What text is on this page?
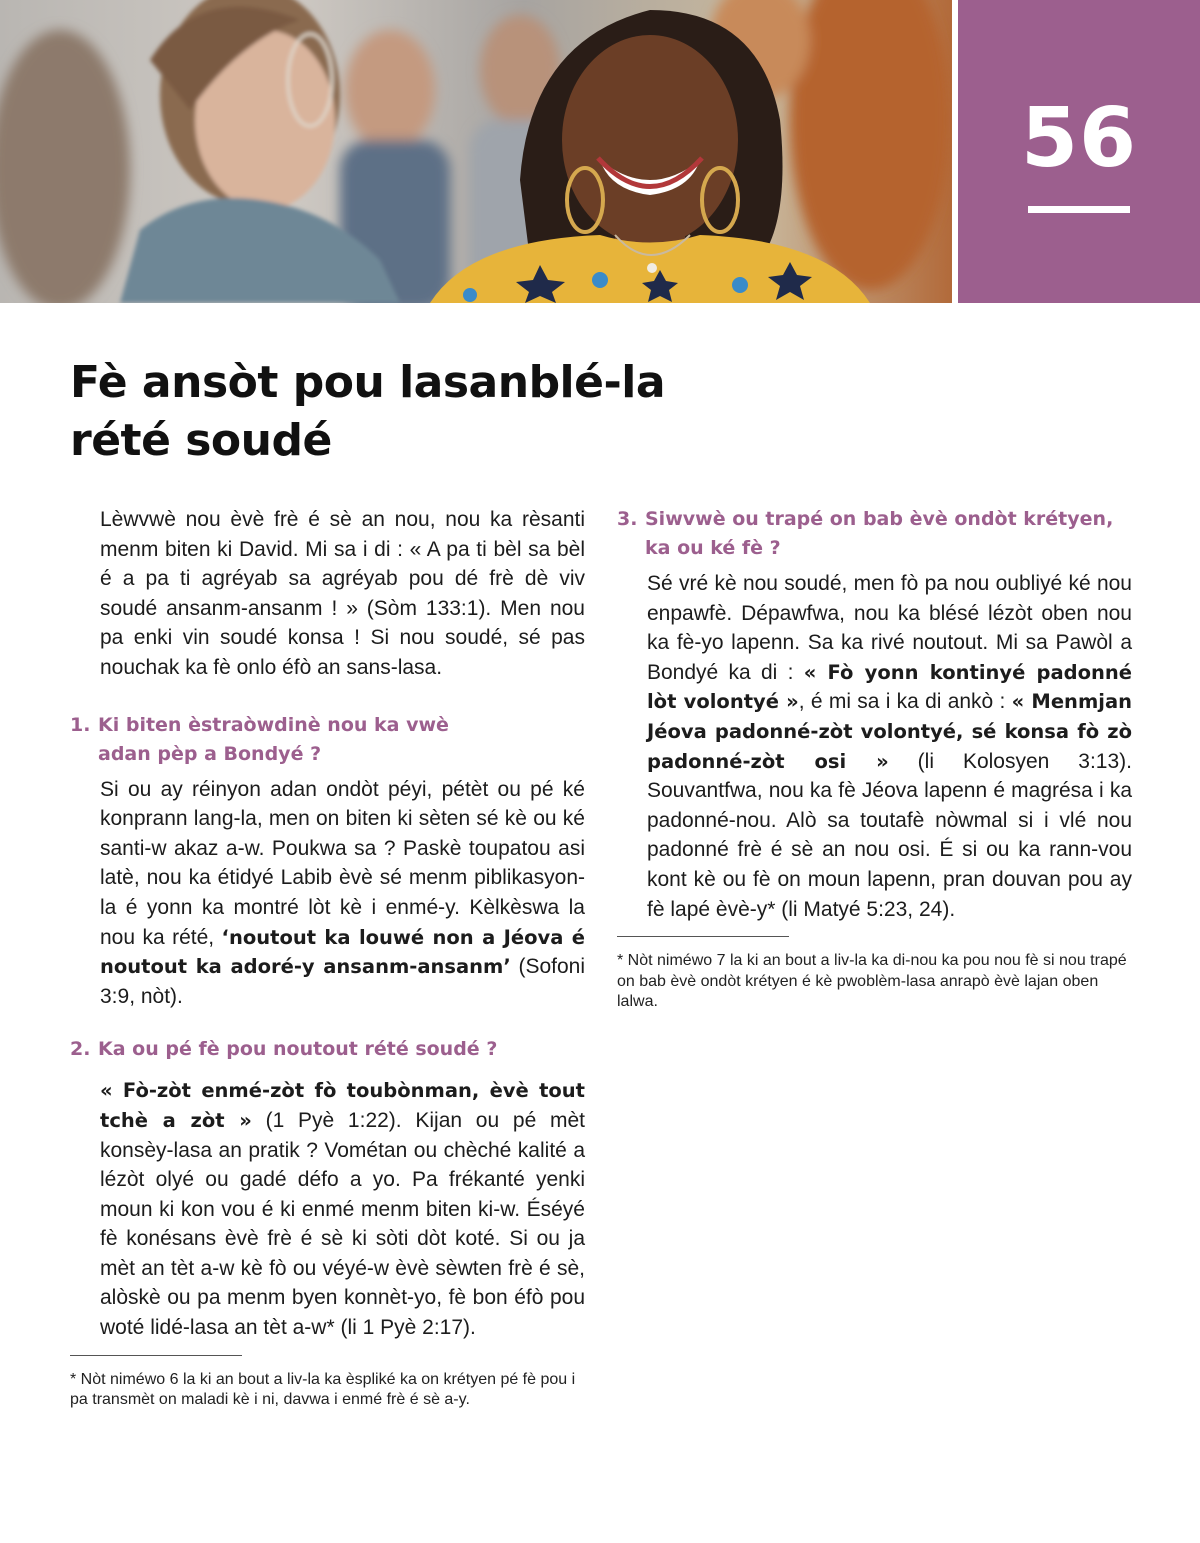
56
Fè ansòt pou lasanblé-la
rété soudé

Lèwvwè nou èvè frè é sè an nou, nou ka rèsanti menm biten ki David. Mi sa i di : « A pa ti bèl sa bèl é a pa ti agréyab sa agréyab pou dé frè dè viv soudé ansanm-ansanm ! » (Sòm 133:1). Men nou pa enki vin soudé konsa ! Si nou soudé, sé pas nouchak ka fè onlo éfò an sans-lasa.

1. Ki biten èstraòwdinè nou ka vwè
adan pèp a Bondyé ?

Si ou ay réinyon adan ondòt péyi, pétèt ou pé ké konprann lang-la, men on biten ki sèten sé kè ou ké santi-w akaz a-w. Poukwa sa ? Paskè toupatou asi latè, nou ka étidyé Labib èvè sé menm piblikasyon-la é yonn ka montré lòt kè i enmé-y. Kèlkèswa la nou ka rété, ‘noutout ka louwé non a Jéova é noutout ka adoré-y ansanm-ansanm’ (Sofoni 3:9, nòt).

2. Ka ou pé fè pou noutout rété soudé ?

« Fò-zòt enmé-zòt fò toubònman, èvè tout tchè a zòt » (1 Pyè 1:22). Kijan ou pé mèt konsèy-lasa an pratik ? Vométan ou chèché kalité a lézòt olyé ou gadé défo a yo. Pa frékanté yenki moun ki kon vou é ki enmé menm biten ki-w. Éséyé fè konésans èvè frè é sè ki sòti dòt koté. Si ou ja mèt an tèt a-w kè fò ou véyé-w èvè sèwten frè é sè, alòskè ou pa menm byen konnèt-yo, fè bon éfò pou woté lidé-lasa an tèt a-w* (li 1 Pyè 2:17).

* Nòt niméwo 6 la ki an bout a liv-la ka èspliké ka on krétyen pé fè pou i pa transmèt on maladi kè i ni, davwa i enmé frè é sè a-y.

3. Siwvwè ou trapé on bab èvè ondòt krétyen,
ka ou ké fè ?

Sé vré kè nou soudé, men fò pa nou oubliyé ké nou enpawfè. Dépawfwa, nou ka blésé lézòt oben nou ka fè-yo lapenn. Sa ka rivé noutout. Mi sa Pawòl a Bondyé ka di : « Fò yonn kontinyé padonné lòt volontyé », é mi sa i ka di ankò : « Menmjan Jéova padonné-zòt volontyé, sé konsa fò zò padonné-zòt osi » (li Kolosyen 3:13). Souvantfwa, nou ka fè Jéova lapenn é magrésa i ka padonné-nou. Alò sa toutafè nòwmal si i vlé nou padonné frè é sè an nou osi. É si ou ka rann-vou kont kè ou fè on moun lapenn, pran douvan pou ay fè lapé èvè-y* (li Matyé 5:23, 24).

* Nòt niméwo 7 la ki an bout a liv-la ka di-nou ka pou nou fè si nou trapé on bab èvè ondòt krétyen é kè pwoblèm-lasa anrapò èvè lajan oben lalwa.
